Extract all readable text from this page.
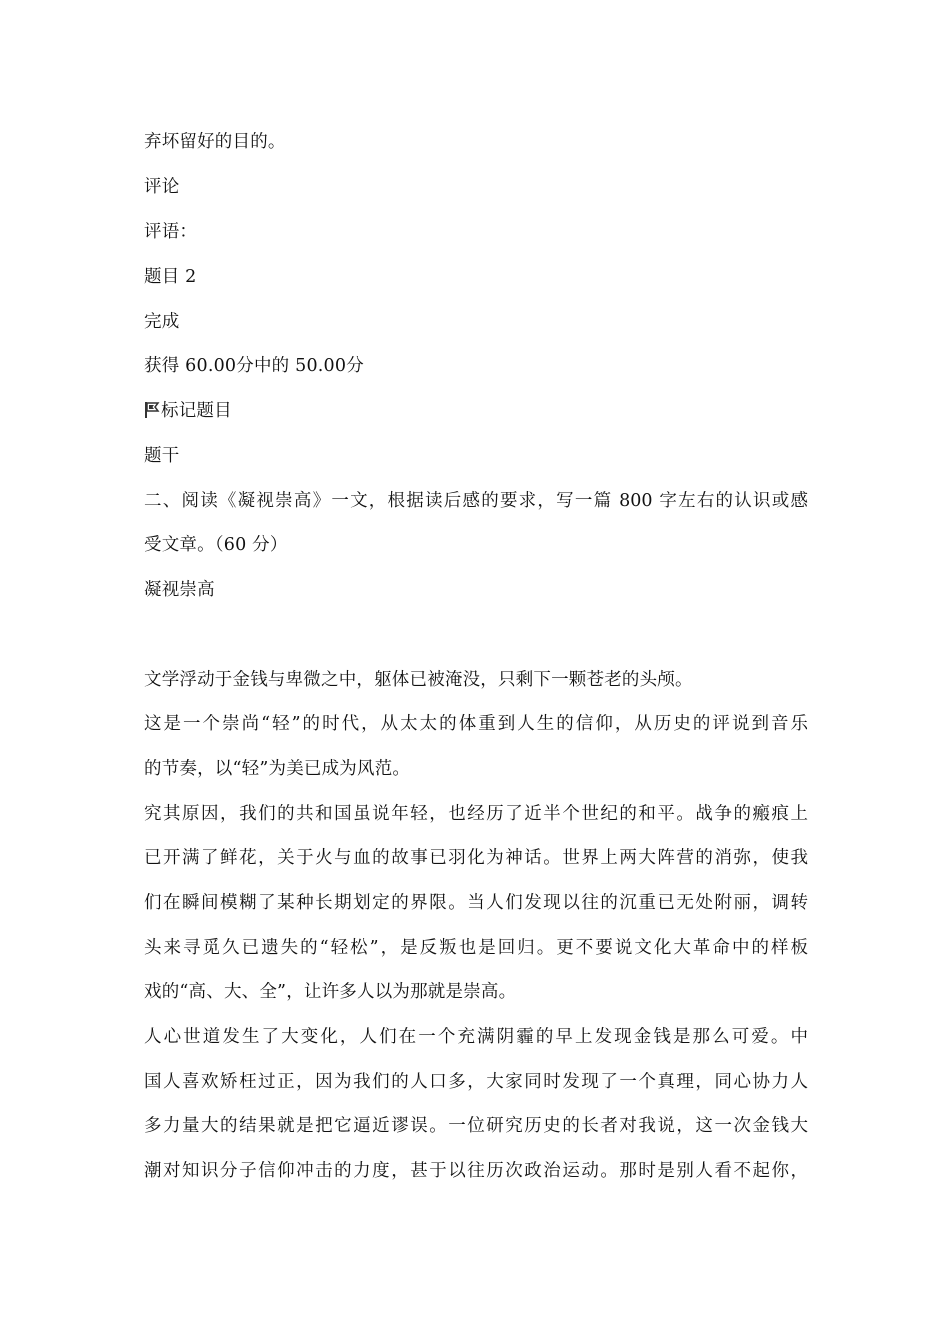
弃坏留好的目的。
评论
评语：
题目 2
完成
获得 60.00分中的 50.00分
标记题目
题干
二、阅读《凝视崇高》一文，根据读后感的要求，写一篇 800 字左右的认识或感
受文章。（60 分）
凝视崇高
文学浮动于金钱与卑微之中，躯体已被淹没，只剩下一颗苍老的头颅。
这是一个崇尚“轻”的时代，从太太的体重到人生的信仰，从历史的评说到音乐
的节奏，以“轻”为美已成为风范。
究其原因，我们的共和国虽说年轻，也经历了近半个世纪的和平。战争的瘢痕上
已开满了鲜花，关于火与血的故事已羽化为神话。世界上两大阵营的消弥，使我
们在瞬间模糊了某种长期划定的界限。当人们发现以往的沉重已无处附丽，调转
头来寻觅久已遗失的“轻松”，是反叛也是回归。更不要说文化大革命中的样板
戏的“高、大、全”，让许多人以为那就是崇高。
人心世道发生了大变化，人们在一个充满阴霾的早上发现金钱是那么可爱。中
国人喜欢矫枉过正，因为我们的人口多，大家同时发现了一个真理，同心协力人
多力量大的结果就是把它逼近谬误。一位研究历史的长者对我说，这一次金钱大
潮对知识分子信仰冲击的力度，甚于以往历次政治运动。那时是别人看不起你，
